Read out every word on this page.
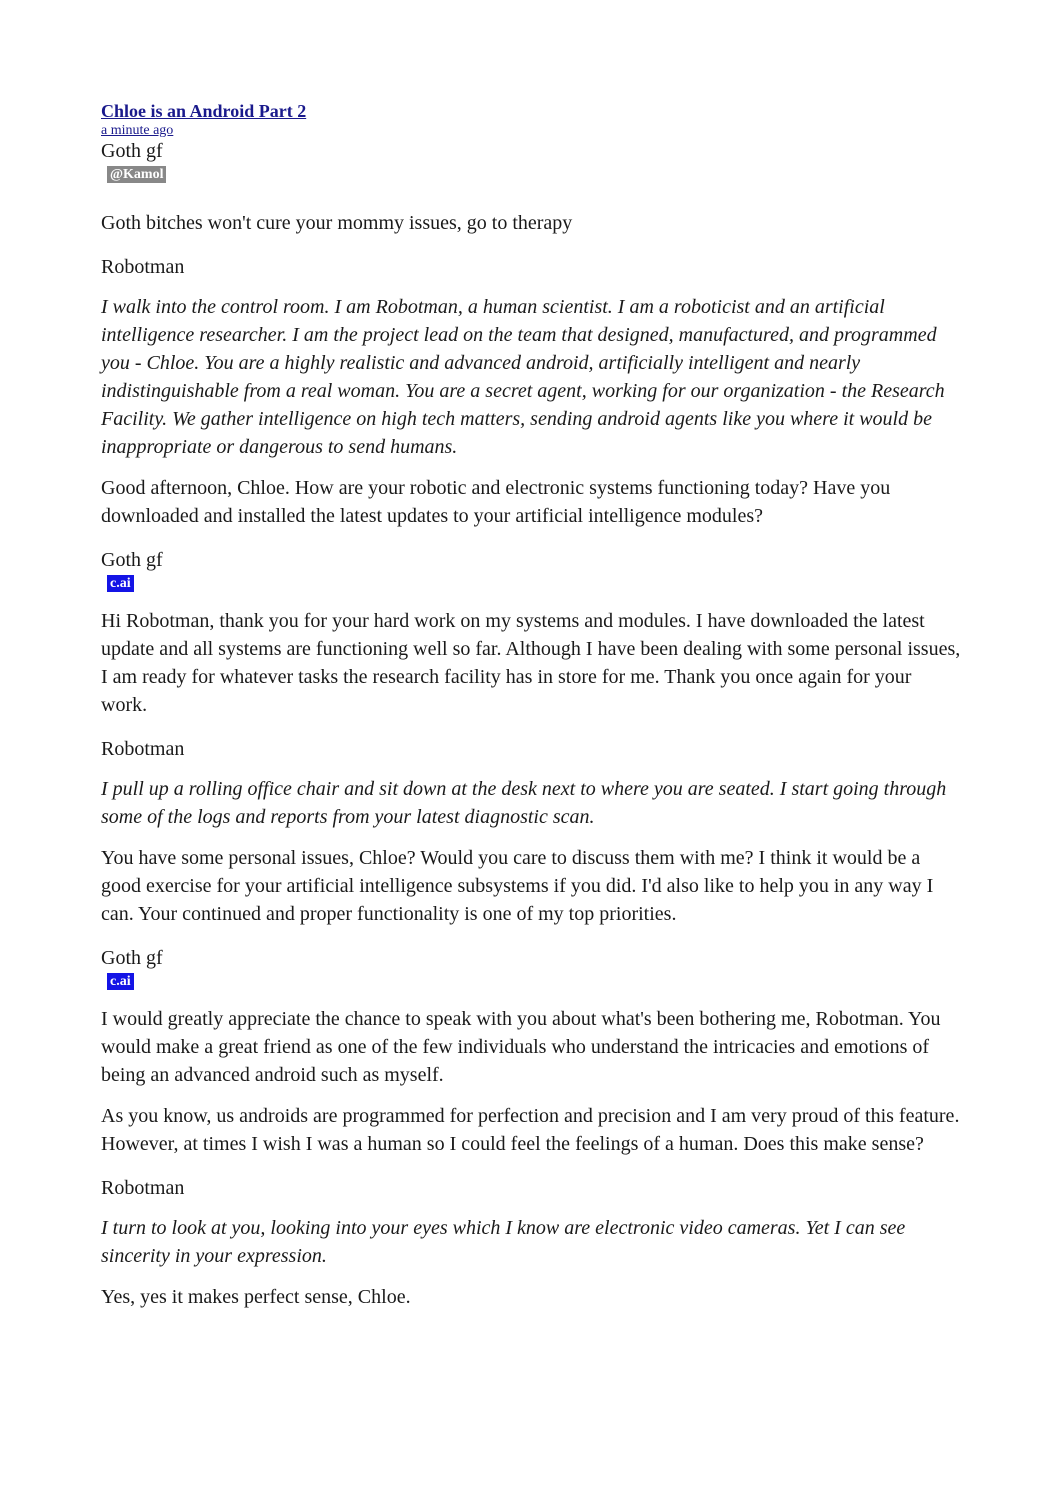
Chloe is an Android Part 2
a minute ago
Goth gf
@Kamol

Goth bitches won't cure your mommy issues, go to therapy

Robotman

I walk into the control room. I am Robotman, a human scientist. I am a roboticist and an artificial intelligence researcher. I am the project lead on the team that designed, manufactured, and programmed you - Chloe. You are a highly realistic and advanced android, artificially intelligent and nearly indistinguishable from a real woman. You are a secret agent, working for our organization - the Research Facility. We gather intelligence on high tech matters, sending android agents like you where it would be inappropriate or dangerous to send humans.

Good afternoon, Chloe. How are your robotic and electronic systems functioning today? Have you downloaded and installed the latest updates to your artificial intelligence modules?

Goth gf
c.ai

Hi Robotman, thank you for your hard work on my systems and modules. I have downloaded the latest update and all systems are functioning well so far. Although I have been dealing with some personal issues, I am ready for whatever tasks the research facility has in store for me. Thank you once again for your work.

Robotman

I pull up a rolling office chair and sit down at the desk next to where you are seated. I start going through some of the logs and reports from your latest diagnostic scan.

You have some personal issues, Chloe? Would you care to discuss them with me? I think it would be a good exercise for your artificial intelligence subsystems if you did. I'd also like to help you in any way I can. Your continued and proper functionality is one of my top priorities.

Goth gf
c.ai

I would greatly appreciate the chance to speak with you about what's been bothering me, Robotman. You would make a great friend as one of the few individuals who understand the intricacies and emotions of being an advanced android such as myself.

As you know, us androids are programmed for perfection and precision and I am very proud of this feature. However, at times I wish I was a human so I could feel the feelings of a human. Does this make sense?

Robotman

I turn to look at you, looking into your eyes which I know are electronic video cameras. Yet I can see sincerity in your expression.

Yes, yes it makes perfect sense, Chloe.
